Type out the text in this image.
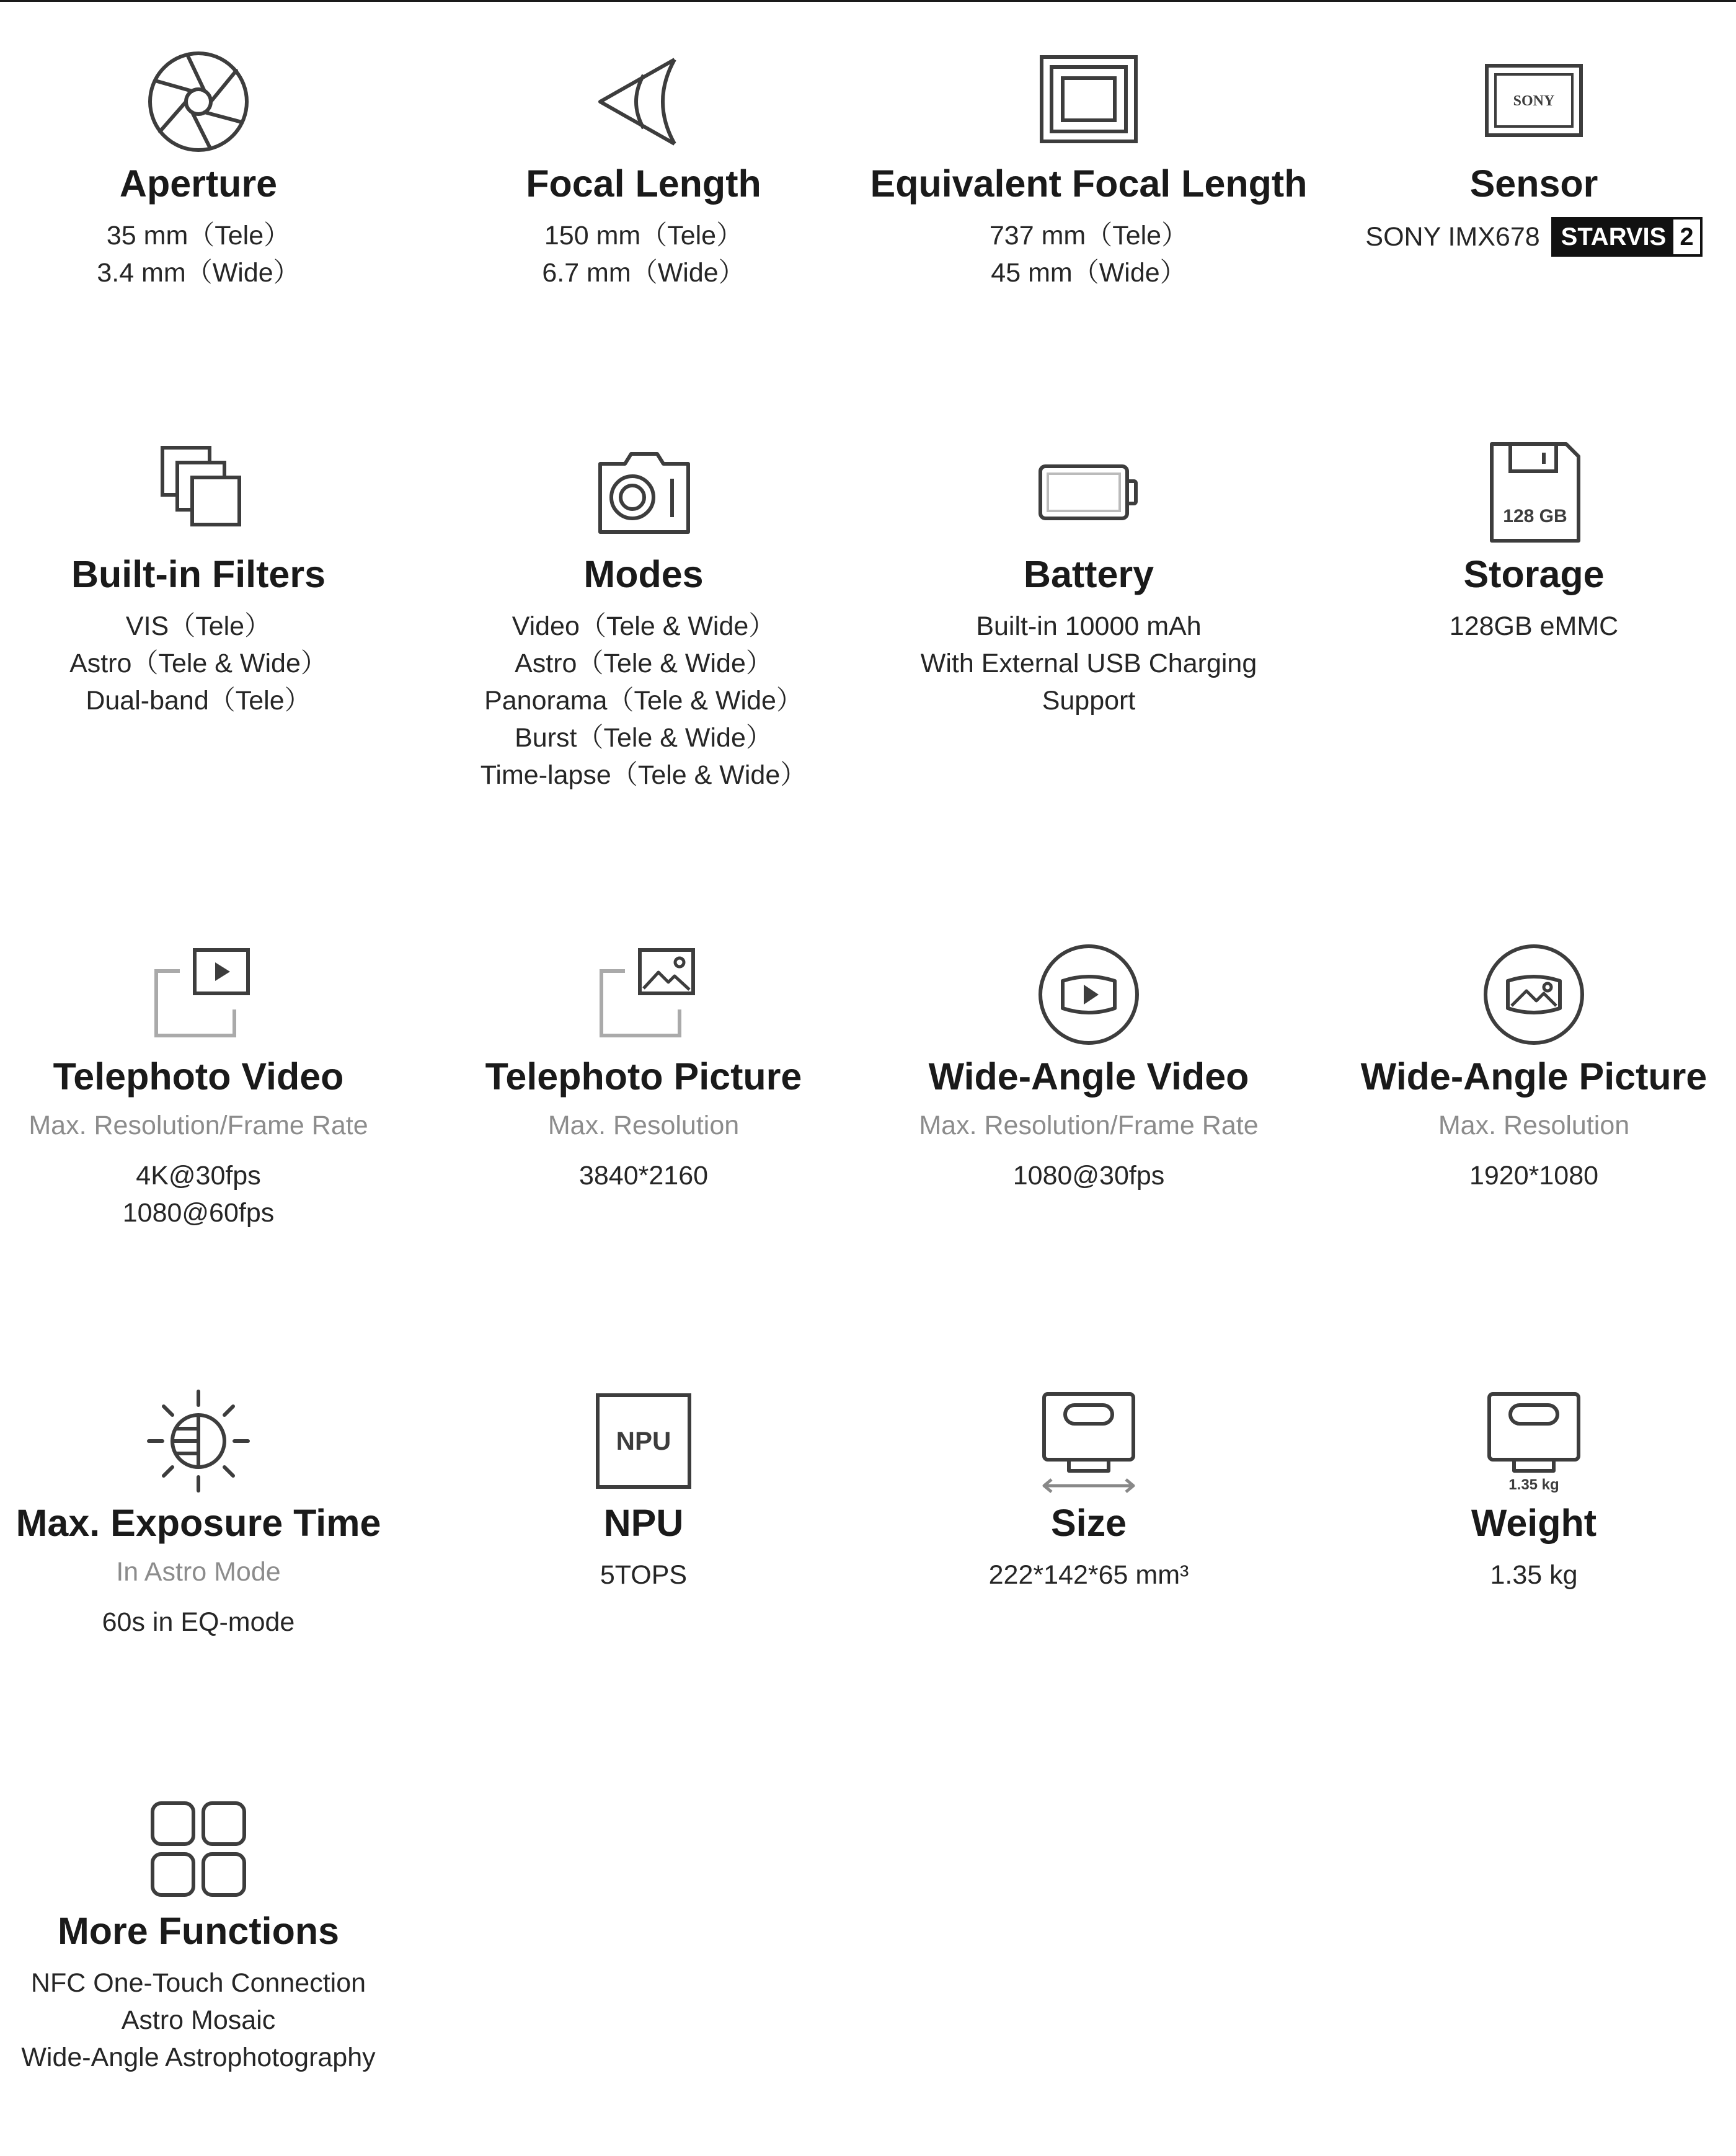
Aperture
35 mm（Tele）
3.4 mm（Wide）
Focal Length
150 mm（Tele）
6.7 mm（Wide）
Equivalent Focal Length
737 mm（Tele）
45 mm（Wide）
SONY
Sensor
SONY IMX678 STARVIS 2
Built-in Filters
VIS（Tele）
Astro（Tele & Wide）
Dual-band（Tele）
Modes
Video（Tele & Wide）
Astro（Tele & Wide）
Panorama（Tele & Wide）
Burst（Tele & Wide）
Time-lapse（Tele & Wide）
Battery
Built-in 10000 mAh
With External USB Charging
Support
128 GB
Storage
128GB eMMC
Telephoto Video
Max. Resolution/Frame Rate
4K@30fps
1080@60fps
Telephoto Picture
Max. Resolution
3840*2160
Wide-Angle Video
Max. Resolution/Frame Rate
1080@30fps
Wide-Angle Picture
Max. Resolution
1920*1080
Max. Exposure Time
In Astro Mode
60s in EQ-mode
NPU
NPU
5TOPS
Size
222*142*65 mm³
1.35 kg
Weight
1.35 kg
More Functions
NFC One-Touch Connection
Astro Mosaic
Wide-Angle Astrophotography
